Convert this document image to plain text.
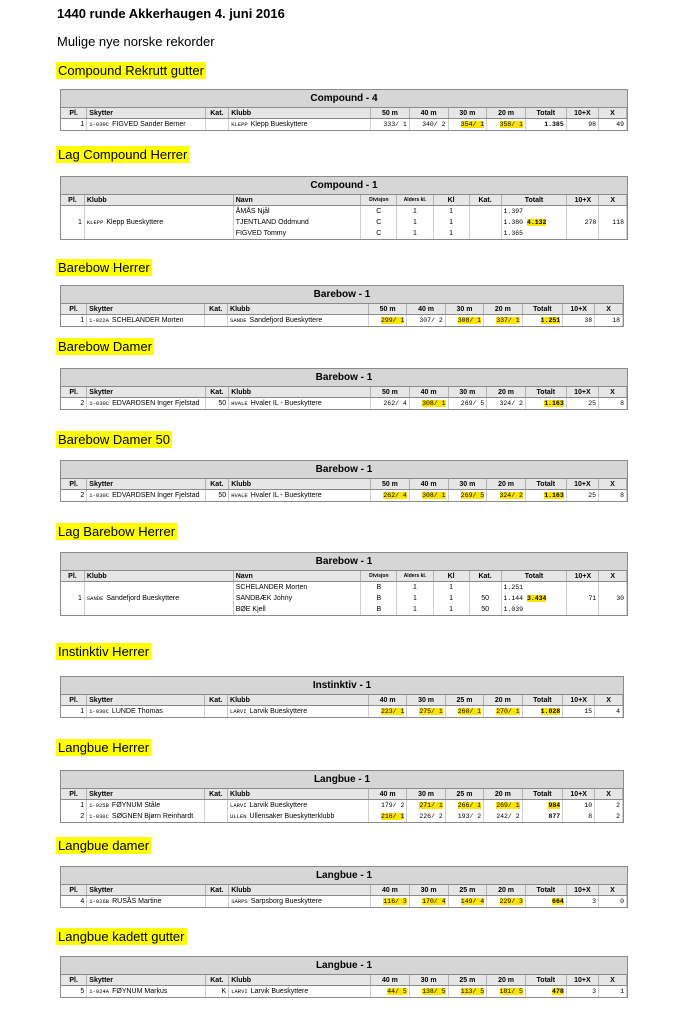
1440 runde Akkerhaugen 4. juni 2016
Mulige nye norske rekorder
Compound Rekrutt gutter
Compound - 4
Pl.	Skytter	Kat.	Klubb	50 m	40 m	30 m	20 m	Totalt	10+X	X
1	1-039C FIGVED Sander Berner		KLEPP Klepp Bueskyttere	333/ 1	340/ 2	354/ 1	358/ 1	1.385	98	49
Lag Compound Herrer
Compound - 1
Pl.	Klubb	Navn	Divisjon	Alders kl.	Kl	Kat.	Totalt	10+X	X
1	KLEPP Klepp Bueskyttere	ÅMÅS Njål	C	1	1		1.397		
		TJENTLAND Oddmund	C	1	1		1.380 4.132	278	118
		FIGVED Tommy	C	1	1		1.365		
Barebow Herrer
Barebow - 1
Pl.	Skytter	Kat.	Klubb	50 m	40 m	30 m	20 m	Totalt	10+X	X
1	1-022A SCHELANDER Morten		SANDE Sandefjord Bueskyttere	299/ 1	307/ 2	308/ 1	337/ 1	1.251	38	18
Barebow Damer
Barebow - 1
Pl.	Skytter	Kat.	Klubb	50 m	40 m	30 m	20 m	Totalt	10+X	X
2	1-030C EDVARDSEN Inger Fjelstad	50	HVALE Hvaler IL - Bueskyttere	262/ 4	308/ 1	269/ 5	324/ 2	1.163	25	8
Barebow Damer 50
Barebow - 1
Pl.	Skytter	Kat.	Klubb	50 m	40 m	30 m	20 m	Totalt	10+X	X
2	1-030C EDVARDSEN Inger Fjelstad	50	HVALE Hvaler IL - Bueskyttere	262/ 4	308/ 1	269/ 5	324/ 2	1.163	25	8
Lag Barebow Herrer
Barebow - 1
Pl.	Klubb	Navn	Divisjon	Alders kl.	Kl	Kat.	Totalt	10+X	X
1	SANDE Sandefjord Bueskyttere	SCHELANDER Morten	B	1	1		1.251		
		SANDBÆK Johny	B	1	1	50	1.144 3.434	71	30
		BØE Kjell	B	1	1	50	1.039		
Instinktiv Herrer
Instinktiv - 1
Pl.	Skytter	Kat.	Klubb	40 m	30 m	25 m	20 m	Totalt	10+X	X
1	1-030C LUNDE Thomas		LARVI Larvik Bueskyttere	223/ 1	275/ 1	260/ 1	270/ 1	1.028	15	4
Langbue Herrer
Langbue - 1
Pl.	Skytter	Kat.	Klubb	40 m	30 m	25 m	20 m	Totalt	10+X	X
1	1-025B FØYNUM Ståle		LARVI Larvik Bueskyttere	179/ 2	271/ 1	266/ 1	269/ 1	984	10	2
2	1-030C SØGNEN Bjørn Reinhardt		ULLEN Ullensaker Bueskytterklubb	216/ 1	226/ 2	193/ 2	242/ 2	877	8	2
Langbue damer
Langbue - 1
Pl.	Skytter	Kat.	Klubb	40 m	30 m	25 m	20 m	Totalt	10+X	X
4	1-026B RUSÅS Martine		SARPS Sarpsborg Bueskyttere	116/ 3	170/ 4	149/ 4	229/ 3	664	3	0
Langbue kadett gutter
Langbue - 1
Pl.	Skytter	Kat.	Klubb	40 m	30 m	25 m	20 m	Totalt	10+X	X
5	1-024A FØYNUM Markus	K	LARVI Larvik Bueskyttere	44/ 5	138/ 5	113/ 5	181/ 5	478	3	1
